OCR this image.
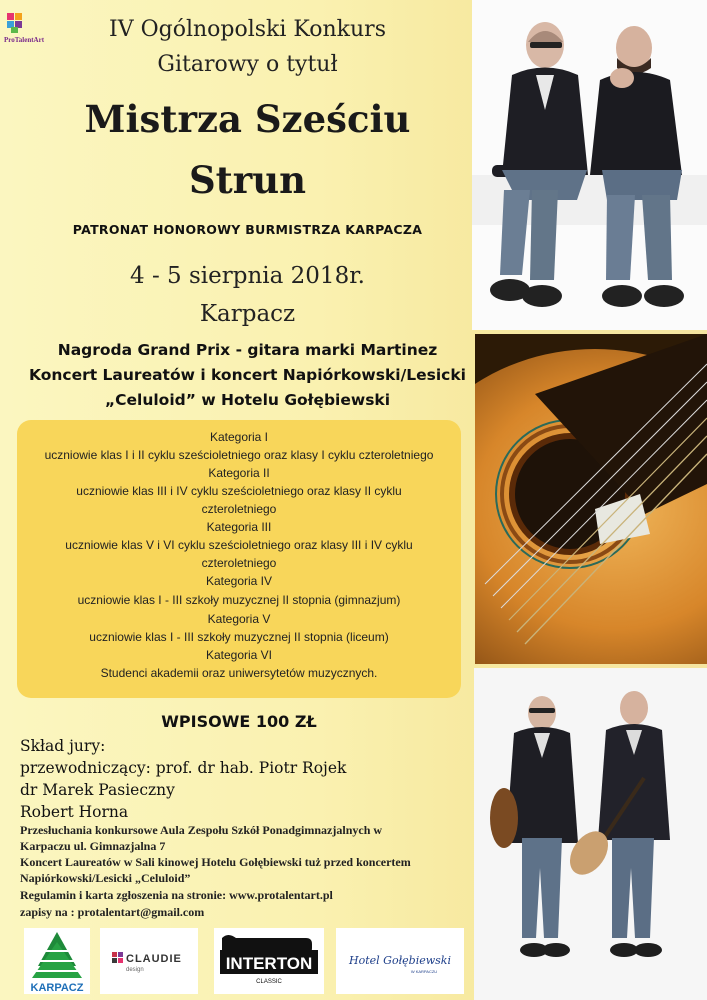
ProTalentArt	IV Ogólnopolski Konkurs
Gitarowy o tytuł
Mistrza Sześciu
Strun
PATRONAT HONOROWY BURMISTRZA KARPACZA
4 - 5 sierpnia 2018r.
Karpacz
Nagroda Grand Prix - gitara marki Martinez
Koncert Laureatów i koncert Napiórkowski/Lesicki
„Celuloid” w Hotelu Gołębiewski
Kategoria I
uczniowie klas I i II cyklu sześcioletniego oraz klasy I cyklu czteroletniego
Kategoria II
uczniowie klas III i IV cyklu sześcioletniego oraz klasy II cyklu
czteroletniego
Kategoria III
uczniowie klas V i VI cyklu sześcioletniego oraz klasy III i IV cyklu
czteroletniego
Kategoria IV
uczniowie klas I - III szkoły muzycznej II stopnia (gimnazjum)
Kategoria V
uczniowie klas I - III szkoły muzycznej II stopnia (liceum)
Kategoria VI
Studenci akademii oraz uniwersytetów muzycznych.
WPISOWE 100 ZŁ
Skład jury:
przewodniczący: prof. dr hab. Piotr Rojek
dr Marek Pasieczny
Robert Horna
Przesłuchania konkursowe Aula Zespołu Szkół Ponadgimnazjalnych w
Karpaczu ul. Gimnazjalna 7
Koncert Laureatów w Sali kinowej Hotelu Gołębiewski tuż przed koncertem
Napiórkowski/Lesicki „Celuloid”
Regulamin i karta zgłoszenia na stronie: www.protalentart.pl
zapisy na : protalentart@gmail.com
KARPACZ
CLAUDIE
design	INTERTON
CLASSIC
Hotel Gołębiewski
W KARPACZU
